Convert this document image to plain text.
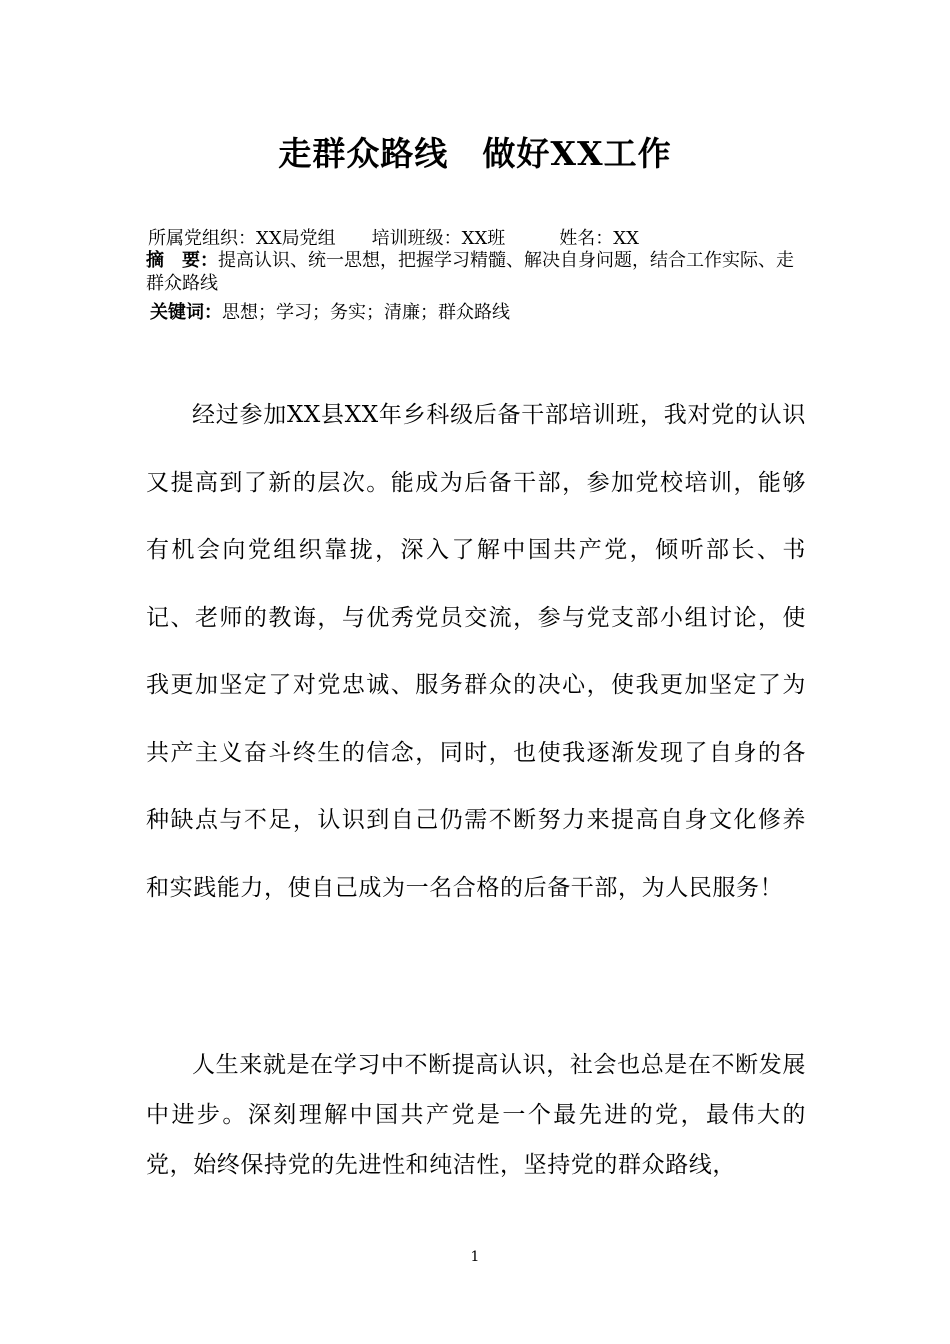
走群众路线　做好XX工作

所属党组织：XX局党组　　培训班级：XX班　　　姓名：XX

摘　要：提高认识、统一思想，把握学习精髓、解决自身问题，结合工作实际、走群众路线

关键词：思想；学习；务实；清廉；群众路线

经过参加XX县XX年乡科级后备干部培训班，我对党的认识又提高到了新的层次。能成为后备干部，参加党校培训，能够有机会向党组织靠拢，深入了解中国共产党，倾听部长、书记、老师的教诲，与优秀党员交流，参与党支部小组讨论，使我更加坚定了对党忠诚、服务群众的决心，使我更加坚定了为共产主义奋斗终生的信念，同时，也使我逐渐发现了自身的各种缺点与不足，认识到自己仍需不断努力来提高自身文化修养和实践能力，使自己成为一名合格的后备干部，为人民服务！

人生来就是在学习中不断提高认识，社会也总是在不断发展中进步。深刻理解中国共产党是一个最先进的党，最伟大的党，始终保持党的先进性和纯洁性，坚持党的群众路线，

1
